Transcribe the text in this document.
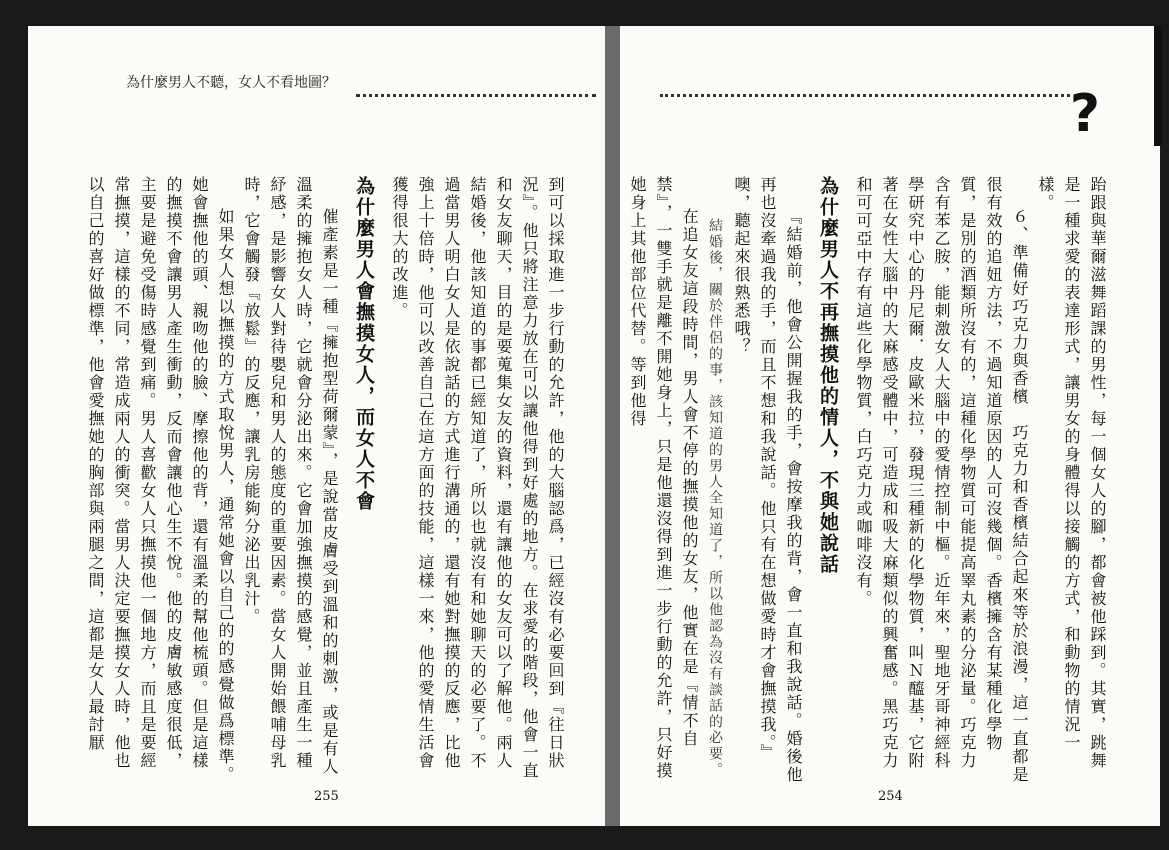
為什麼男人不聽，女人不看地圖？

到可以採取進一步行動的允許，他的大腦認爲，已經沒有必要回到『往日狀況』。他只將注意力放在可以讓他得到好處的地方。在求愛的階段，他會一直和女友聊天，目的是要蒐集女友的資料，還有讓他的女友可以了解他。兩人結婚後，他該知道的事都已經知道了，所以也就沒有和她聊天的必要了。不過當男人明白女人是依說話的方式進行溝通的，還有她對撫摸的反應，比他強上十倍時，他可以改善自己在這方面的技能，這樣一來，他的愛情生活會獲得很大的改進。

為什麼男人會撫摸女人，而女人不會

催產素是一種『擁抱型荷爾蒙』，是說當皮膚受到溫和的刺激，或是有人溫柔的擁抱女人時，它就會分泌出來。它會加強撫摸的感覺，並且產生一種紓感，是影響女人對待嬰兒和男人的態度的重要因素。當女人開始餵哺母乳時，它會觸發『放鬆』的反應，讓乳房能夠分泌出乳汁。

如果女人想以撫摸的方式取悅男人，通常她會以自己的的感覺做爲標準。她會撫他的頭、親吻他的臉、摩擦他的背，還有溫柔的幫他梳頭。但是這樣的撫摸不會讓男人產生衝動，反而會讓他心生不悅。他的皮膚敏感度很低，主要是避免受傷時感覺到痛。男人喜歡女人只撫摸他一個地方，而且是要經常撫摸，這樣的不同，常造成兩人的衝突。當男人決定要撫摸女人時，他也以自己的喜好做標準，他會愛撫她的胸部與兩腿之間，這都是女人最討厭

255
?

跆跟與華爾滋舞蹈課的男性，每一個女人的腳，都會被他踩到。其實，跳舞是一種求愛的表達形式，讓男女的身體得以接觸的方式，和動物的情況一樣。

６、準備好巧克力與香檳　巧克力和香檳結合起來等於浪漫，這一直都是很有效的追妞方法，不過知道原因的人可沒幾個。香檳擁含有某種化學物質，是別的酒類所沒有的，這種化學物質可能提高睪丸素的分泌量。巧克力含有苯乙胺，能刺激女人大腦中的愛情控制中樞。近年來，聖地牙哥神經科學研究中心的丹尼爾．皮歐米拉，發現三種新的化學物質，叫Ｎ醯基，它附著在女性大腦中的大麻感受體中，可造成和吸大麻類似的興奮感。黑巧克力和可可亞中存有這些化學物質，白巧克力或咖啡沒有。

為什麼男人不再撫摸他的情人，不與她說話

『結婚前，他會公開握我的手，會按摩我的背，會一直和我說話。婚後他再也沒牽過我的手，而且不想和我說話。他只有在想做愛時才會撫摸我。』噢，聽起來很熟悉哦？

結婚後，關於伴侶的事，該知道的男人全知道了，所以他認為沒有談話的必要。

在追女友這段時間，男人會不停的撫摸他的女友，他實在是『情不自禁』，一雙手就是離不開她身上，只是他還沒得到進一步行動的允許，只好摸她身上其他部位代替。等到他得

254
